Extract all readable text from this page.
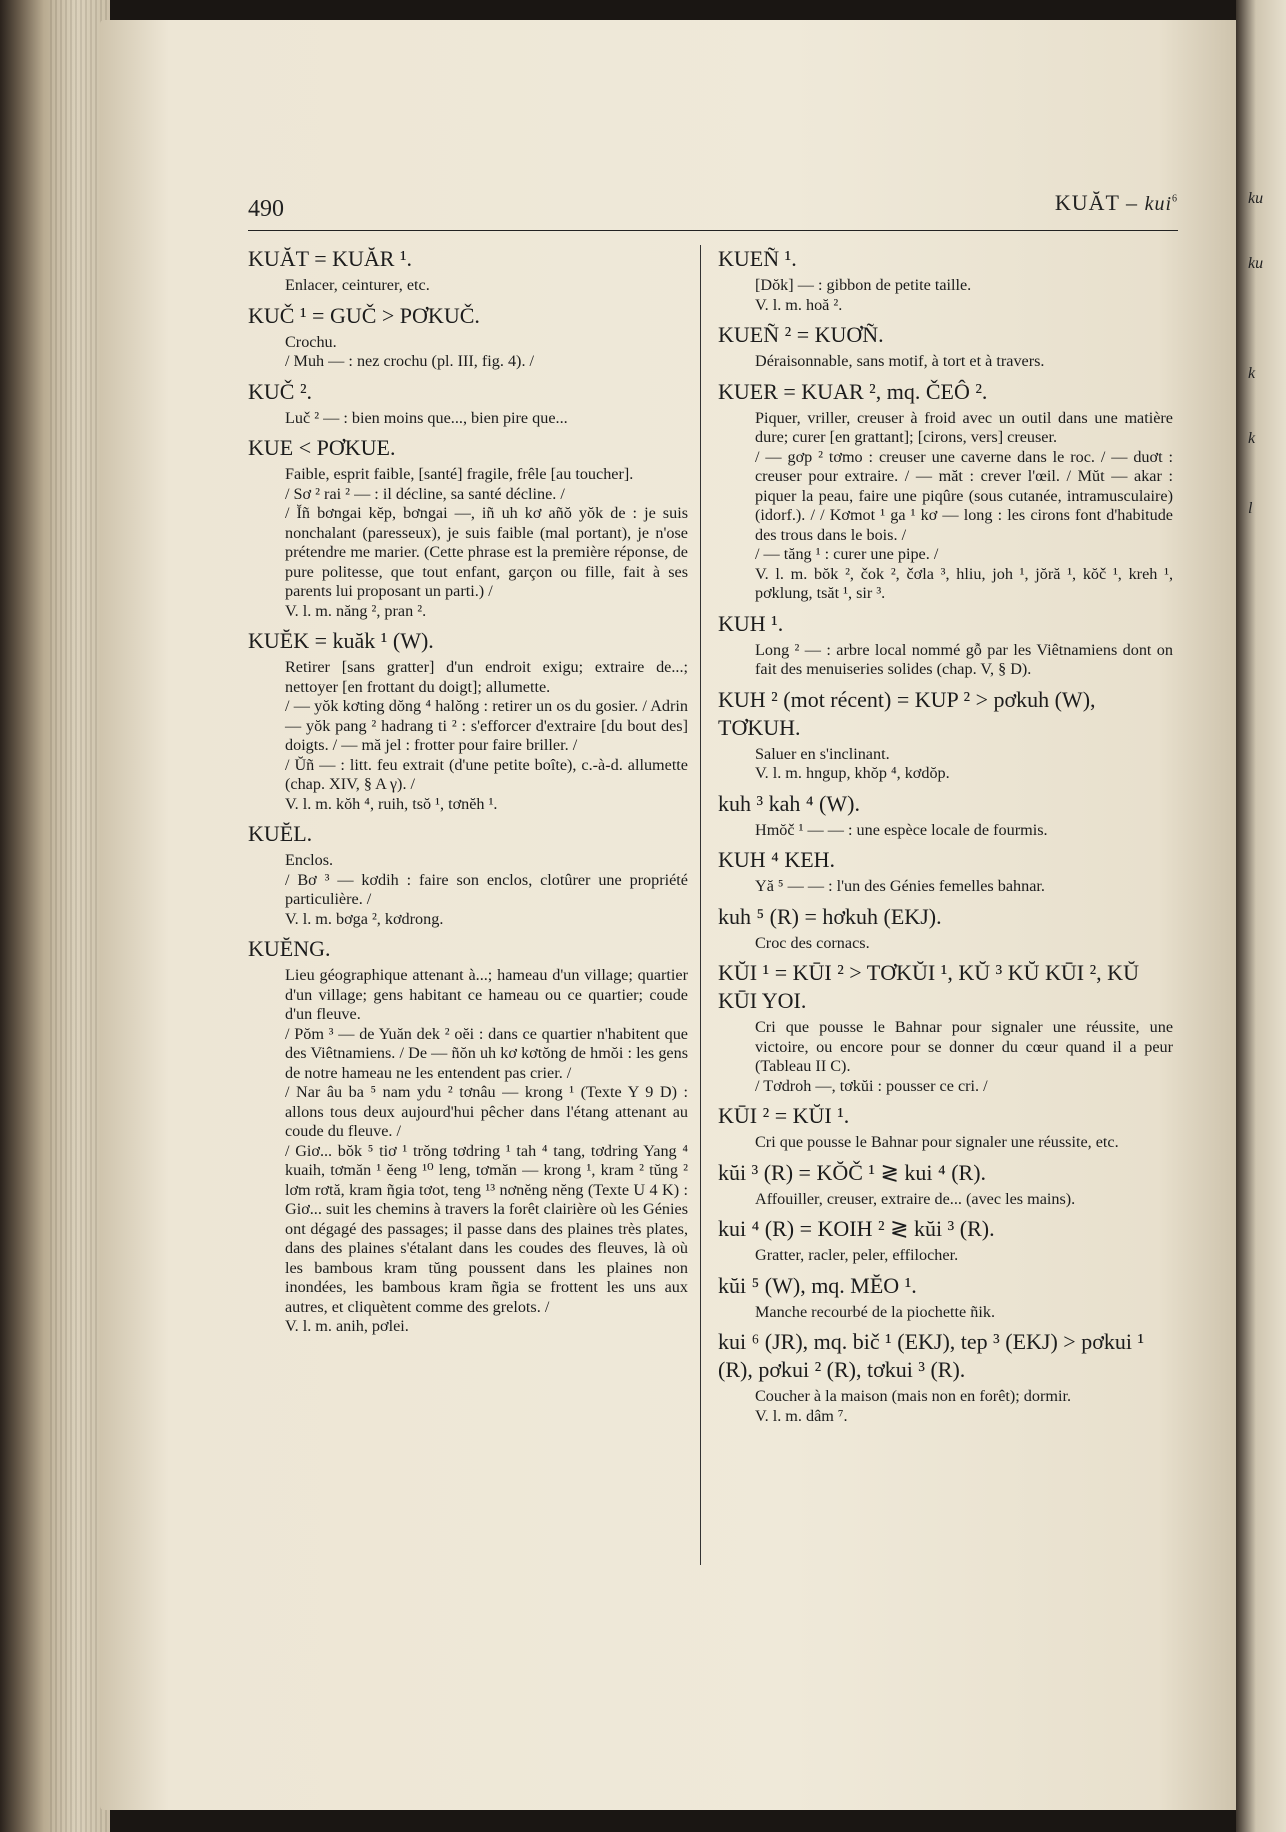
ku
ku
k
k
l
490	KUĂT – kui$^6$
KUĂT = KUĂR ¹.
Enlacer, ceinturer, etc.
KUČ ¹ = GUČ > PƠKUČ.
Crochu.
/ Muh — : nez crochu (pl. III, fig. 4). /
KUČ ².
Luč ² — : bien moins que..., bien pire que...
KUE < PƠKUE.
Faible, esprit faible, [santé] fragile, frêle [au toucher].
/ Sơ ² rai ² — : il décline, sa santé décline. /
/ Ĭñ bơngai kĕp, bơngai —, iñ uh kơ añŏ yŏk de : je suis nonchalant (paresseux), je suis faible (mal portant), je n'ose prétendre me marier. (Cette phrase est la première réponse, de pure politesse, que tout enfant, garçon ou fille, fait à ses parents lui proposant un parti.) /
V. l. m. năng ², pran ².
KUĔK = kuăk ¹ (W).
Retirer [sans gratter] d'un endroit exigu; extraire de...; nettoyer [en frottant du doigt]; allumette.
/ — yŏk kơting dŏng ⁴ halŏng : retirer un os du gosier. / Adrin — yŏk pang ² hadrang ti ² : s'efforcer d'extraire [du bout des] doigts. / — mă jel : frotter pour faire briller. /
/ Ŭñ — : litt. feu extrait (d'une petite boîte), c.-à-d. allumette (chap. XIV, § A γ). /
V. l. m. kŏh ⁴, ruih, tsŏ ¹, tơnĕh ¹.
KUĔL.
Enclos.
/ Bơ ³ — kơdih : faire son enclos, clotûrer une propriété particulière. /
V. l. m. bơga ², kơdrong.
KUĔNG.
Lieu géographique attenant à...; hameau d'un village; quartier d'un village; gens habitant ce hameau ou ce quartier; coude d'un fleuve.
/ Pŏm ³ — de Yuăn dek ² oĕi : dans ce quartier n'habitent que des Viêtnamiens. / De — ñŏn uh kơ kơtŏng de hmŏi : les gens de notre hameau ne les entendent pas crier. /
/ Nar âu ba ⁵ nam ydu ² tơnâu — krong ¹ (Texte Y 9 D) : allons tous deux aujourd'hui pêcher dans l'étang attenant au coude du fleuve. /
/ Giơ... bŏk ⁵ tiơ ¹ trŏng tơdring ¹ tah ⁴ tang, tơdring Yang ⁴ kuaih, tơmăn ¹ ĕeng ¹⁰ leng, tơmăn — krong ¹, kram ² tŭng ² lơm rơtă, kram ñgia tơot, teng ¹³ nơnĕng nĕng (Texte U 4 K) : Giơ... suit les chemins à travers la forêt clairière où les Génies ont dégagé des passages; il passe dans des plaines très plates, dans des plaines s'étalant dans les coudes des fleuves, là où les bambous kram tŭng poussent dans les plaines non inondées, les bambous kram ñgia se frottent les uns aux autres, et cliquètent comme des grelots. /
V. l. m. anih, pơlei.
KUEÑ ¹.
[Dŏk] — : gibbon de petite taille.
V. l. m. hoă ².
KUEÑ ² = KUƠÑ.
Déraisonnable, sans motif, à tort et à travers.
KUER = KUAR ², mq. ČEÔ ².
Piquer, vriller, creuser à froid avec un outil dans une matière dure; curer [en grattant]; [cirons, vers] creuser.
/ — gơp ² tơmo : creuser une caverne dans le roc. / — duơt : creuser pour extraire. / — măt : crever l'œil. / Mŭt — akar : piquer la peau, faire une piqûre (sous cutanée, intramusculaire) (idorf.). / / Kơmot ¹ ga ¹ kơ — long : les cirons font d'habitude des trous dans le bois. /
/ — tăng ¹ : curer une pipe. /
V. l. m. bŏk ², čok ², čơla ³, hliu, joh ¹, jŏră ¹, kŏč ¹, kreh ¹, pơklung, tsăt ¹, sir ³.
KUH ¹.
Long ² — : arbre local nommé gỗ par les Viêtnamiens dont on fait des menuiseries solides (chap. V, § D).
KUH ² (mot récent) = KUP ² > pơkuh (W), TƠKUH.
Saluer en s'inclinant.
V. l. m. hngup, khŏp ⁴, kơdŏp.
kuh ³ kah ⁴ (W).
Hmŏč ¹ — — : une espèce locale de fourmis.
KUH ⁴ KEH.
Yă ⁵ — — : l'un des Génies femelles bahnar.
kuh ⁵ (R) = hơkuh (EKJ).
Croc des cornacs.
KŬI ¹ = KŪI ² > TƠKŬI ¹, KŬ ³ KŬ KŪI ², KŬ KŪI YOI.
Cri que pousse le Bahnar pour signaler une réussite, une victoire, ou encore pour se donner du cœur quand il a peur (Tableau II C).
/ Tơdroh —, tơkŭi : pousser ce cri. /
KŪI ² = KŬI ¹.
Cri que pousse le Bahnar pour signaler une réussite, etc.
kŭi ³ (R) = KŎČ ¹ ≷ kui ⁴ (R).
Affouiller, creuser, extraire de... (avec les mains).
kui ⁴ (R) = KOIH ² ≷ kŭi ³ (R).
Gratter, racler, peler, effilocher.
kŭi ⁵ (W), mq. MĔO ¹.
Manche recourbé de la piochette ñik.
kui ⁶ (JR), mq. bič ¹ (EKJ), tep ³ (EKJ) > pơkui ¹ (R), pơkui ² (R), tơkui ³ (R).
Coucher à la maison (mais non en forêt); dormir.
V. l. m. dâm ⁷.
